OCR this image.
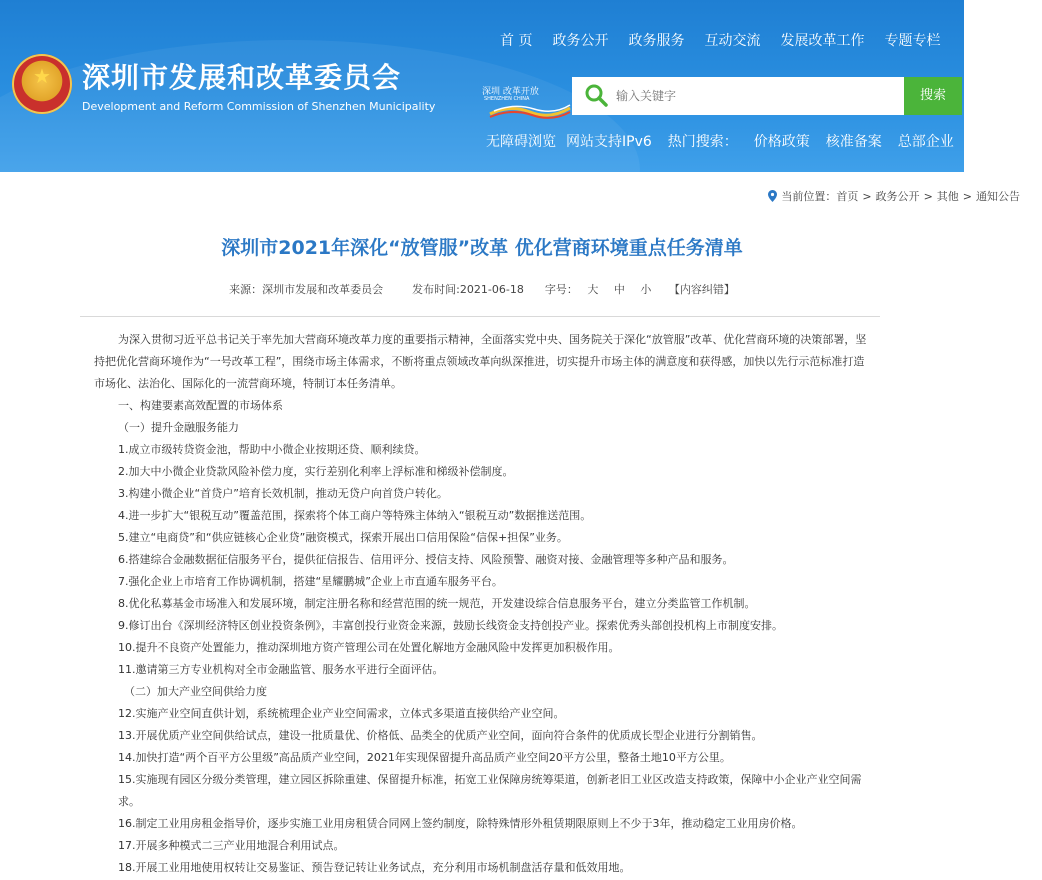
★
深圳市发展和改革委员会
Development and Reform Commission of Shenzhen Municipality
首 页 政务公开 政务服务 互动交流 发展改革工作 专题专栏
深圳 改革开放
SHENZHEN CHINA
输入关键字	搜索
无障碍浏览 网站支持IPv6 热门搜索： 价格政策 核准备案 总部企业 扶持计划
当前位置： 首页 > 政务公开 > 其他 > 通知公告
深圳市2021年深化“放管服”改革 优化营商环境重点任务清单
来源：深圳市发展和改革委员会	发布时间:2021-06-18 字号： 大 中 小 【内容纠错】

为深入贯彻习近平总书记关于率先加大营商环境改革力度的重要指示精神，全面落实党中央、国务院关于深化“放管服”改革、优化营商环境的决策部署，坚持把优化营商环境作为“一号改革工程”，围绕市场主体需求，不断将重点领域改革向纵深推进，切实提升市场主体的满意度和获得感，加快以先行示范标准打造市场化、法治化、国际化的一流营商环境，特制订本任务清单。

一、构建要素高效配置的市场体系
（一）提升金融服务能力
1.成立市级转贷资金池，帮助中小微企业按期还贷、顺利续贷。
2.加大中小微企业贷款风险补偿力度，实行差别化利率上浮标准和梯级补偿制度。
3.构建小微企业“首贷户”培育长效机制，推动无贷户向首贷户转化。
4.进一步扩大“银税互动”覆盖范围，探索将个体工商户等特殊主体纳入“银税互动”数据推送范围。
5.建立“电商贷”和“供应链核心企业贷”融资模式，探索开展出口信用保险“信保+担保”业务。
6.搭建综合金融数据征信服务平台，提供征信报告、信用评分、授信支持、风险预警、融资对接、金融管理等多种产品和服务。
7.强化企业上市培育工作协调机制，搭建“星耀鹏城”企业上市直通车服务平台。
8.优化私募基金市场准入和发展环境，制定注册名称和经营范围的统一规范，开发建设综合信息服务平台，建立分类监管工作机制。
9.修订出台《深圳经济特区创业投资条例》，丰富创投行业资金来源，鼓励长线资金支持创投产业。探索优秀头部创投机构上市制度安排。
10.提升不良资产处置能力，推动深圳地方资产管理公司在处置化解地方金融风险中发挥更加积极作用。
11.邀请第三方专业机构对全市金融监管、服务水平进行全面评估。
（二）加大产业空间供给力度
12.实施产业空间直供计划，系统梳理企业产业空间需求，立体式多渠道直接供给产业空间。
13.开展优质产业空间供给试点，建设一批质量优、价格低、品类全的优质产业空间，面向符合条件的优质成长型企业进行分割销售。
14.加快打造“两个百平方公里级”高品质产业空间，2021年实现保留提升高品质产业空间20平方公里，整备土地10平方公里。
15.实施现有园区分级分类管理，建立园区拆除重建、保留提升标准，拓宽工业保障房统筹渠道，创新老旧工业区改造支持政策，保障中小企业产业空间需求。
16.制定工业用房租金指导价，逐步实施工业用房租赁合同网上签约制度，除特殊情形外租赁期限原则上不少于3年，推动稳定工业用房价格。
17.开展多种模式二三产业用地混合利用试点。
18.开展工业用地使用权转让交易鉴证、预告登记转让业务试点，充分利用市场机制盘活存量和低效用地。
